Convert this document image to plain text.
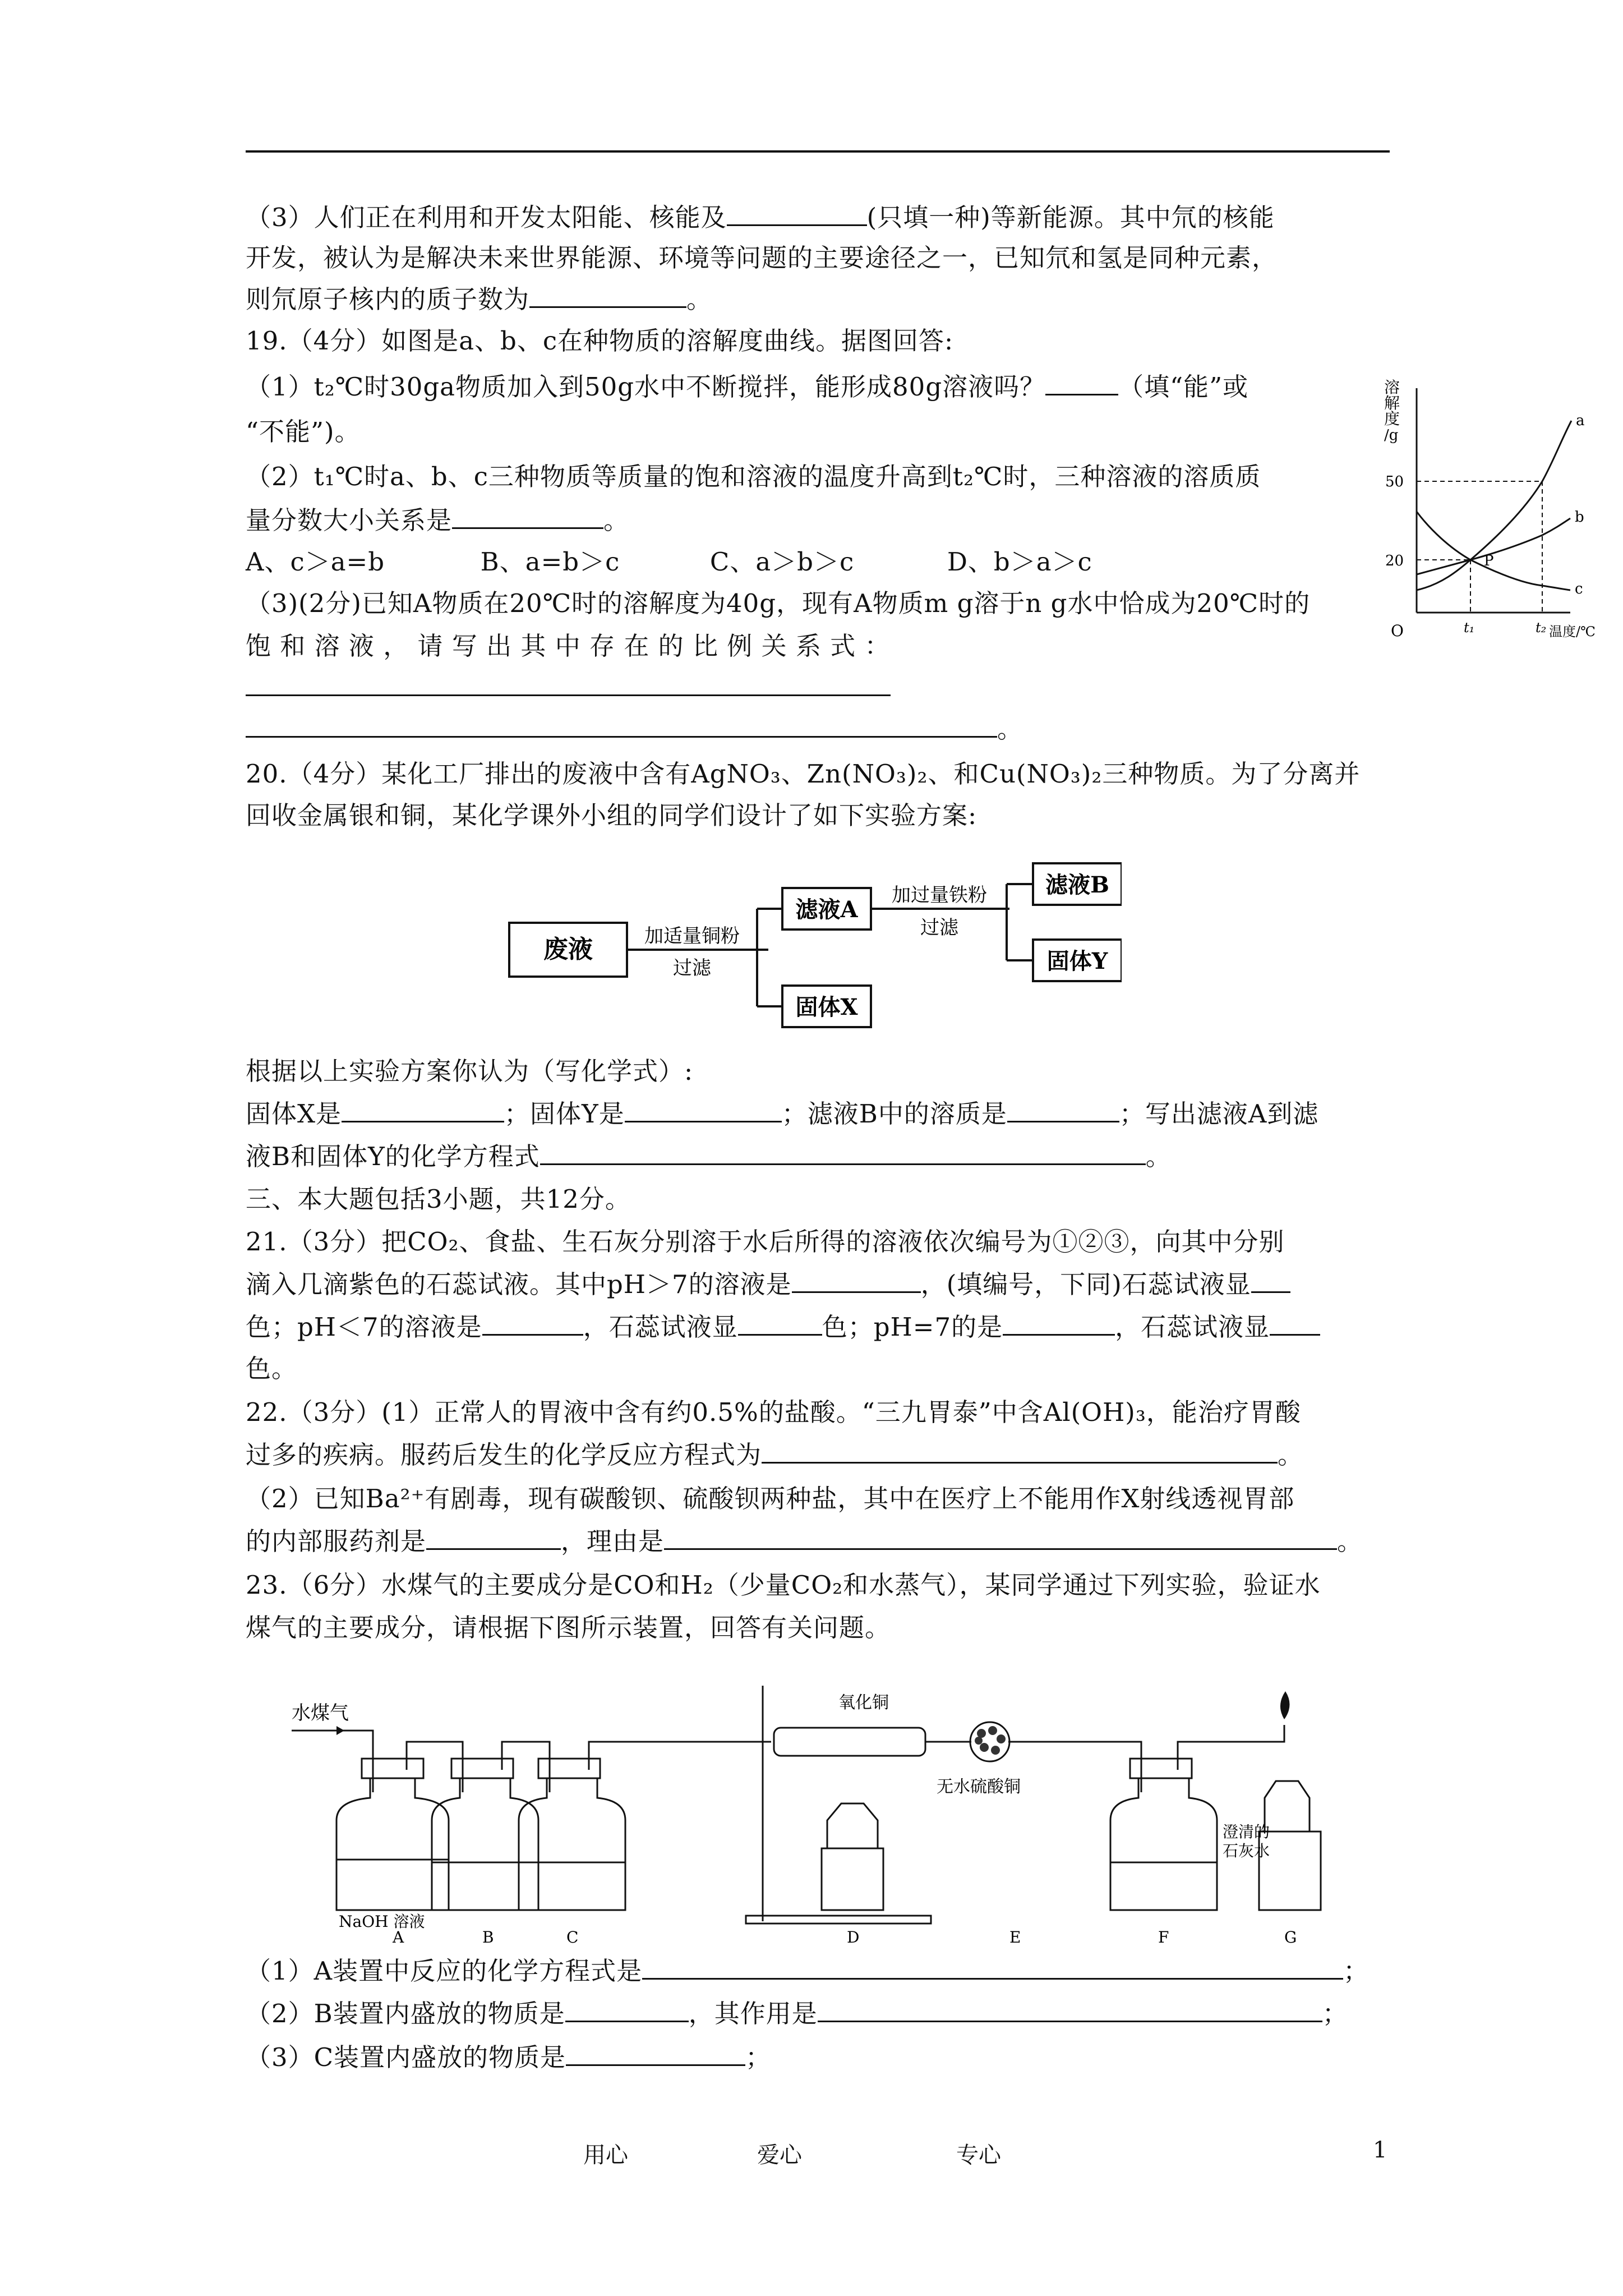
（3）人们正在利用和开发太阳能、核能及	(只填一种)等新能源。其中氘的核能
开发，被认为是解决未来世界能源、环境等问题的主要途径之一，已知氘和氢是同种元素，
则氘原子核内的质子数为	。
19.（4分）如图是a、b、c在种物质的溶解度曲线。据图回答:
（1）t₂℃时30ga物质加入到50g水中不断搅拌，能形成80g溶液吗？	（填“能”或
“不能”)。
（2）t₁℃时a、b、c三种物质等质量的饱和溶液的温度升高到t₂℃时，三种溶液的溶质质
量分数大小关系是	。
A、c＞a=b	B、a=b＞c	C、a＞b＞c	D、b＞a＞c
（3)(2分)已知A物质在20℃时的溶解度为40g，现有A物质m g溶于n g水中恰成为20℃时的
饱 和 溶 液 ， 请 写 出 其 中 存 在 的 比 例 关 系 式 ：
。
20.（4分）某化工厂排出的废液中含有AgNO₃、Zn(NO₃)₂、和Cu(NO₃)₂三种物质。为了分离并
回收金属银和铜，某化学课外小组的同学们设计了如下实验方案:
根据以上实验方案你认为（写化学式）:
固体X是	；固体Y是	；滤液B中的溶质是	；写出滤液A到滤
液B和固体Y的化学方程式	。
三、本大题包括3小题，共12分。
21.（3分）把CO₂、食盐、生石灰分别溶于水后所得的溶液依次编号为①②③，向其中分别
滴入几滴紫色的石蕊试液。其中pH＞7的溶液是	，(填编号，下同)石蕊试液显
色；pH＜7的溶液是	，石蕊试液显	色；pH=7的是	，石蕊试液显
色。
22.（3分）(1）正常人的胃液中含有约0.5%的盐酸。“三九胃泰”中含Al(OH)₃，能治疗胃酸
过多的疾病。服药后发生的化学反应方程式为	。
（2）已知Ba²⁺有剧毒，现有碳酸钡、硫酸钡两种盐，其中在医疗上不能用作X射线透视胃部
的内部服药剂是	，理由是	。
23.（6分）水煤气的主要成分是CO和H₂（少量CO₂和水蒸气），某同学通过下列实验，验证水
煤气的主要成分，请根据下图所示装置，回答有关问题。
（1）A装置中反应的化学方程式是	；
（2）B装置内盛放的物质是	，其作用是	；
（3）C装置内盛放的物质是	；
溶
解
度
/g
O
50
20
t₁	t₂ 温度/℃
a
b
c
P
废液	加适量铜粉
过滤
滤液A
固体X
加过量铁粉
过滤
滤液B
固体Y
水煤气	氧化铜
无水硫酸铜
NaOH 溶液
澄清的
石灰水
A	B	C	D	E	F	G
用心	爱心	专心	1
